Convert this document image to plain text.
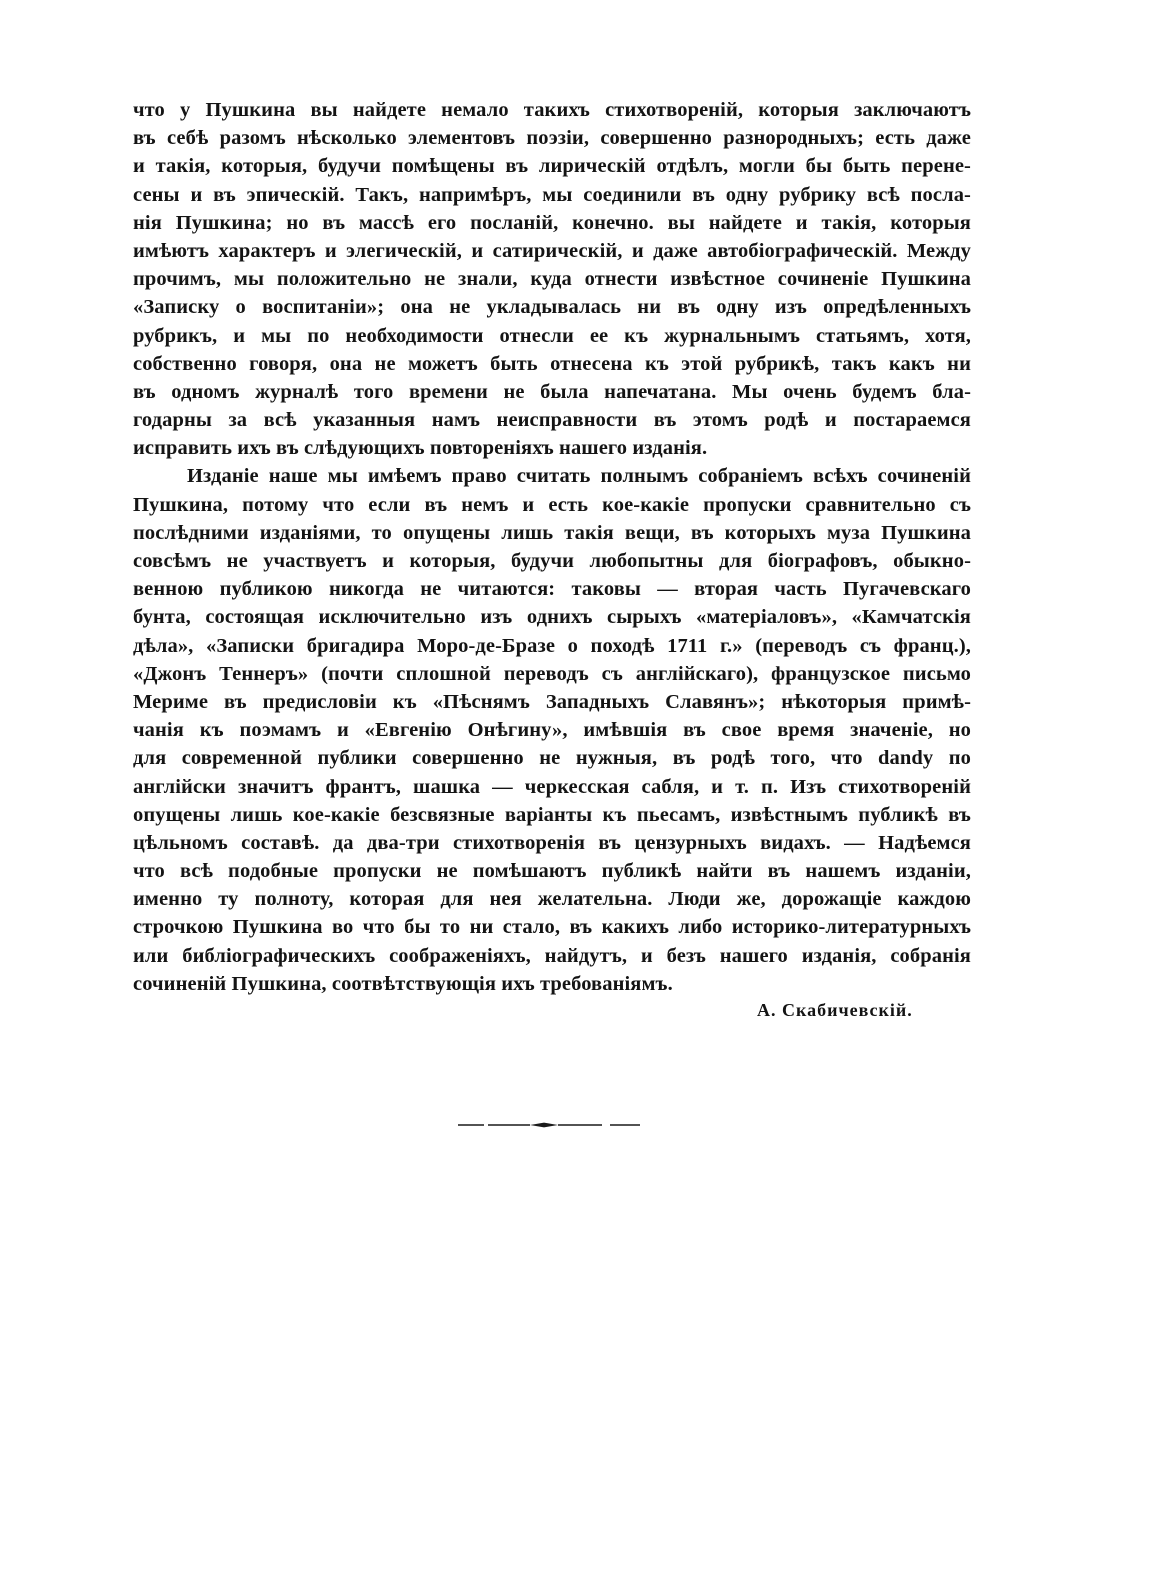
что у Пушкина вы найдете немало такихъ стихотвореній, которыя заключаютъ
въ себѣ разомъ нѣсколько элементовъ поэзіи, совершенно разнородныхъ; есть даже
и такія, которыя, будучи помѣщены въ лирическій отдѣлъ, могли бы быть перене-
сены и въ эпическій. Такъ, напримѣръ, мы соединили въ одну рубрику всѣ посла-
нія Пушкина; но въ массѣ его посланій, конечно. вы найдете и такія, которыя
имѣютъ характеръ и элегическій, и сатирическій, и даже автобіографическій. Между
прочимъ, мы положительно не знали, куда отнести извѣстное сочиненіе Пушкина
«Записку о воспитаніи»; она не укладывалась ни въ одну изъ опредѣленныхъ
рубрикъ, и мы по необходимости отнесли ее къ журнальнымъ статьямъ, хотя,
собственно говоря, она не можетъ быть отнесена къ этой рубрикѣ, такъ какъ ни
въ одномъ журналѣ того времени не была напечатана. Мы очень будемъ бла-
годарны за всѣ указанныя намъ неисправности въ этомъ родѣ и постараемся
исправить ихъ въ слѣдующихъ повтореніяхъ нашего изданія.
Изданіе наше мы имѣемъ право считать полнымъ собраніемъ всѣхъ сочиненій
Пушкина, потому что если въ немъ и есть кое-какіе пропуски сравнительно съ
послѣдними изданіями, то опущены лишь такія вещи, въ которыхъ муза Пушкина
совсѣмъ не участвуетъ и которыя, будучи любопытны для біографовъ, обыкно-
венною публикою никогда не читаются: таковы — вторая часть Пугачевскаго
бунта, состоящая исключительно изъ однихъ сырыхъ «матеріаловъ», «Камчатскія
дѣла», «Записки бригадира Моро-де-Бразе о походѣ 1711 г.» (переводъ съ франц.),
«Джонъ Теннеръ» (почти сплошной переводъ съ англійскаго), французское письмо
Мериме въ предисловіи къ «Пѣснямъ Западныхъ Славянъ»; нѣкоторыя примѣ-
чанія къ поэмамъ и «Евгенію Онѣгину», имѣвшія въ свое время значеніе, но
для современной публики совершенно не нужныя, въ родѣ того, что dandy по
англійски значитъ франтъ, шашка — черкесская сабля, и т. п. Изъ стихотвореній
опущены лишь кое-какіе безсвязные варіанты къ пьесамъ, извѣстнымъ публикѣ въ
цѣльномъ составѣ. да два-три стихотворенія въ цензурныхъ видахъ. — Надѣемся
что всѣ подобные пропуски не помѣшаютъ публикѣ найти въ нашемъ изданіи,
именно ту полноту, которая для нея желательна. Люди же, дорожащіе каждою
строчкою Пушкина во что бы то ни стало, въ какихъ либо историко-литературныхъ
или библіографическихъ соображеніяхъ, найдутъ, и безъ нашего изданія, собранія
сочиненій Пушкина, соотвѣтствующія ихъ требованіямъ.
А. Скабичевскій.
